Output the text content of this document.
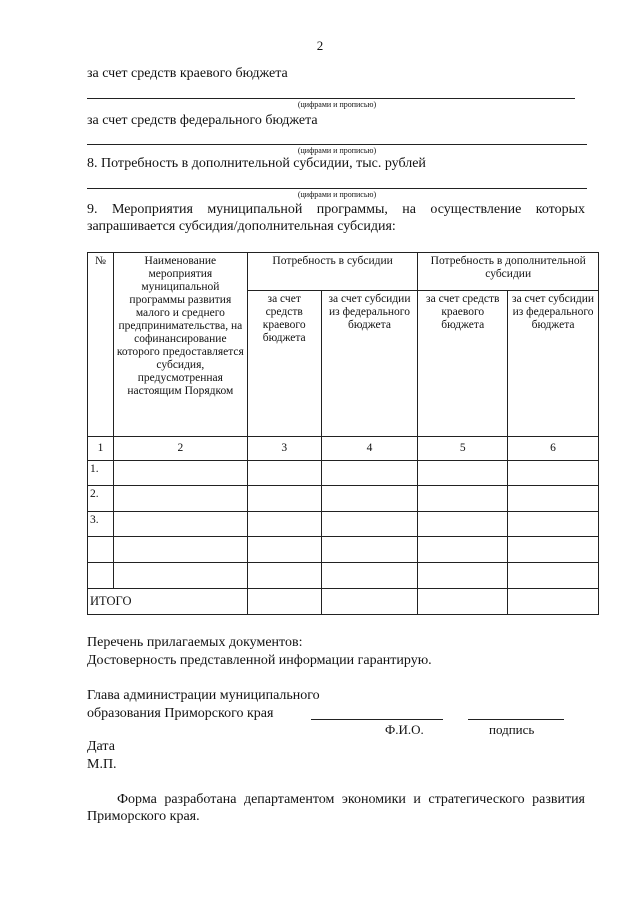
2
за счет средств краевого бюджета
(цифрами и прописью)
за счет средств федерального бюджета
(цифрами и прописью)
8. Потребность в дополнительной субсидии, тыс. рублей
(цифрами и прописью)
9. Мероприятия муниципальной программы, на осуществление которых запрашивается субсидия/дополнительная субсидия:
№	Наименование мероприятия муниципальной программы развития малого и среднего предпринимательства, на софинансирование которого предоставляется субсидия, предусмотренная настоящим Порядком	Потребность в субсидии		Потребность в дополнительной субсидии	
		за счет средств краевого бюджета	за счет субсидии из федерального бюджета	за счет средств краевого бюджета	за счет субсидии из федерального бюджета
1	2	3	4	5	6
1.					
2.					
3.					

ИТОГО					
Перечень прилагаемых документов:
Достоверность представленной информации гарантирую.
Глава администрации муниципального
образования Приморского края
Ф.И.О.	подпись
Дата
М.П.
Форма разработана департаментом экономики и стратегического развития Приморского края.
